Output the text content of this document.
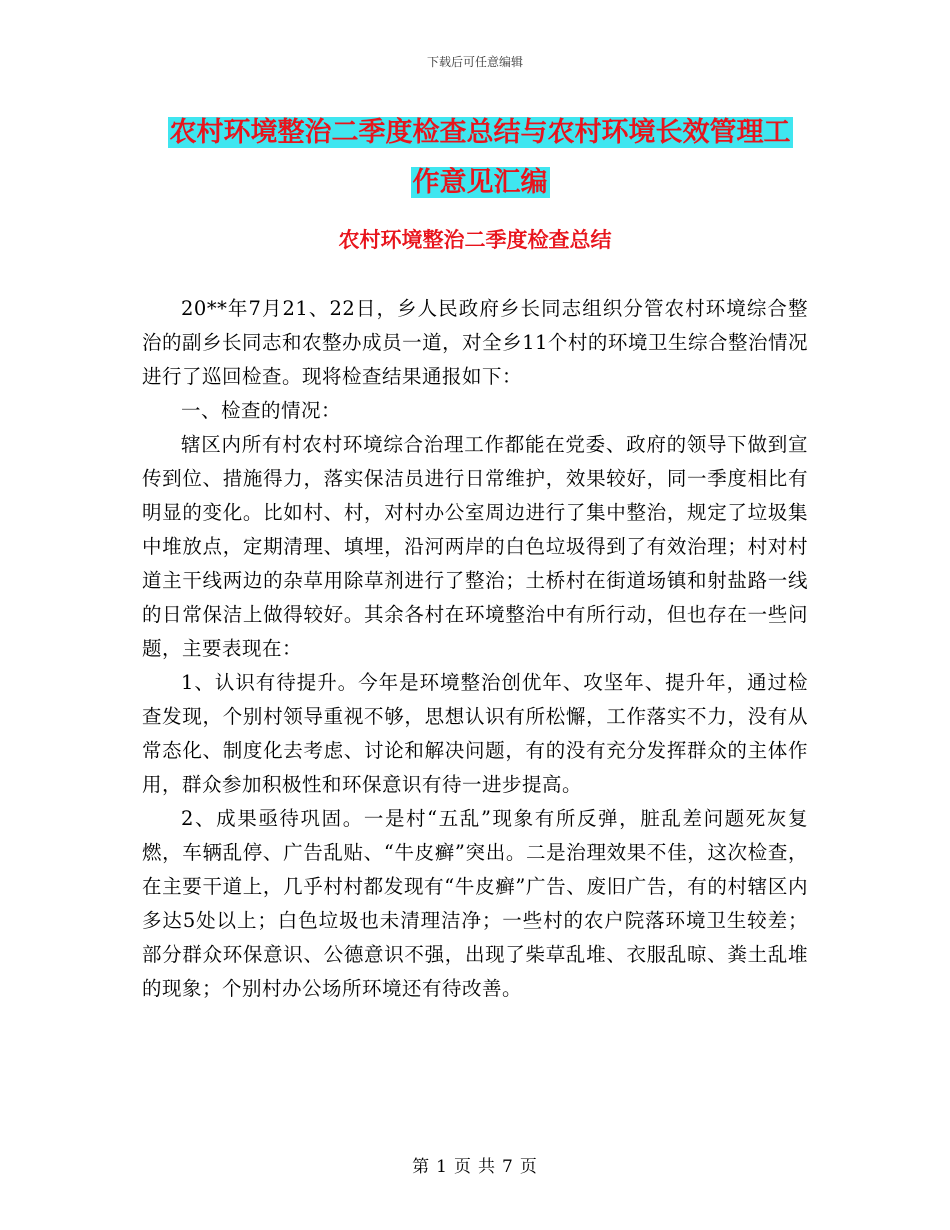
下载后可任意编辑
农村环境整治二季度检查总结与农村环境长效管理工
作意见汇编
农村环境整治二季度检查总结

20**年7月21、22日，乡人民政府乡长同志组织分管农村环境综合整治的副乡长同志和农整办成员一道，对全乡11个村的环境卫生综合整治情况进行了巡回检查。现将检查结果通报如下：

一、检查的情况：

辖区内所有村农村环境综合治理工作都能在党委、政府的领导下做到宣传到位、措施得力，落实保洁员进行日常维护，效果较好，同一季度相比有明显的变化。比如村、村，对村办公室周边进行了集中整治，规定了垃圾集中堆放点，定期清理、填埋，沿河两岸的白色垃圾得到了有效治理；村对村道主干线两边的杂草用除草剂进行了整治；土桥村在街道场镇和射盐路一线的日常保洁上做得较好。其余各村在环境整治中有所行动，但也存在一些问题，主要表现在：

1、认识有待提升。今年是环境整治创优年、攻坚年、提升年，通过检查发现，个别村领导重视不够，思想认识有所松懈，工作落实不力，没有从常态化、制度化去考虑、讨论和解决问题，有的没有充分发挥群众的主体作用，群众参加积极性和环保意识有待一进步提高。

2、成果亟待巩固。一是村“五乱”现象有所反弹，脏乱差问题死灰复燃，车辆乱停、广告乱贴、“牛皮癣”突出。二是治理效果不佳，这次检查，在主要干道上，几乎村村都发现有“牛皮癣”广告、废旧广告，有的村辖区内多达5处以上；白色垃圾也未清理洁净；一些村的农户院落环境卫生较差；部分群众环保意识、公德意识不强，出现了柴草乱堆、衣服乱晾、粪土乱堆的现象；个别村办公场所环境还有待改善。

第 1 页 共 7 页
